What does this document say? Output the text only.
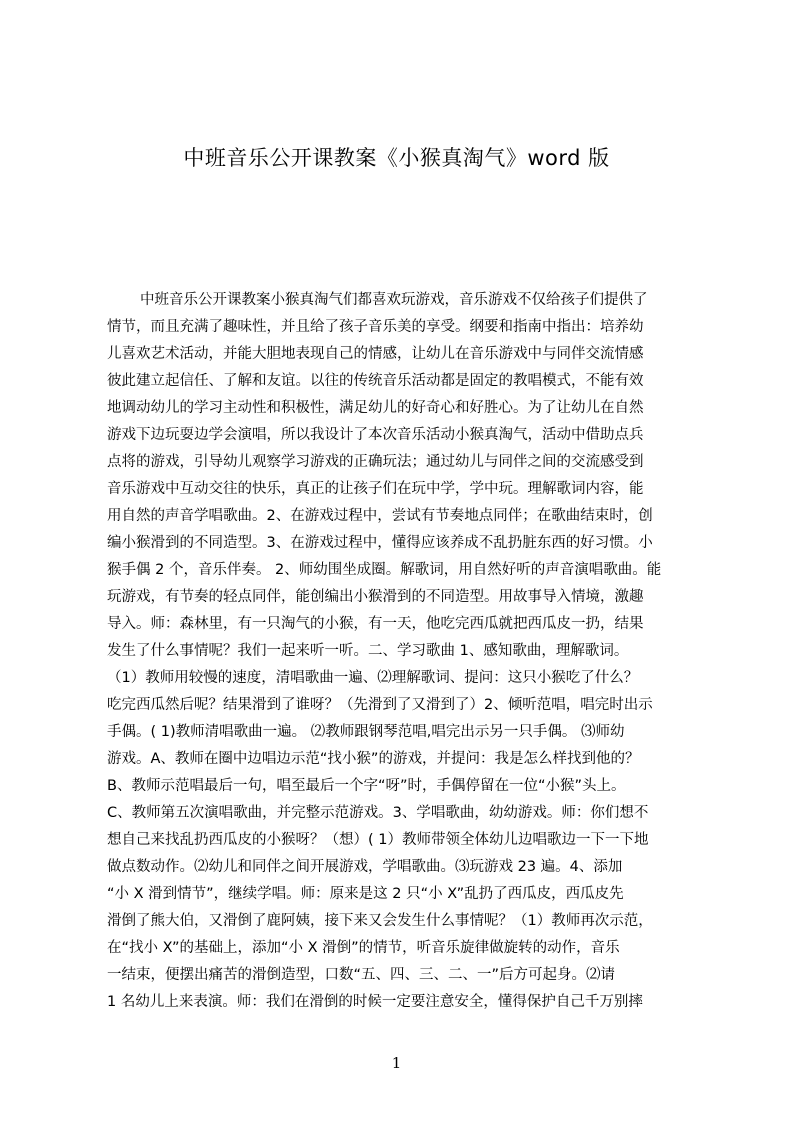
中班音乐公开课教案《小猴真淘气》word 版
中班音乐公开课教案小猴真淘气们都喜欢玩游戏，音乐游戏不仅给孩子们提供了
情节，而且充满了趣味性，并且给了孩子音乐美的享受。纲要和指南中指出：培养幼
儿喜欢艺术活动，并能大胆地表现自己的情感，让幼儿在音乐游戏中与同伴交流情感
彼此建立起信任、了解和友谊。以往的传统音乐活动都是固定的教唱模式，不能有效
地调动幼儿的学习主动性和积极性，满足幼儿的好奇心和好胜心。为了让幼儿在自然
游戏下边玩耍边学会演唱，所以我设计了本次音乐活动小猴真淘气，活动中借助点兵
点将的游戏，引导幼儿观察学习游戏的正确玩法；通过幼儿与同伴之间的交流感受到
音乐游戏中互动交往的快乐，真正的让孩子们在玩中学，学中玩。理解歌词内容，能
用自然的声音学唱歌曲。2、在游戏过程中，尝试有节奏地点同伴；在歌曲结束时，创
编小猴滑到的不同造型。3、在游戏过程中，懂得应该养成不乱扔脏东西的好习惯。小
猴手偶 2 个，音乐伴奏。 2、师幼围坐成圈。解歌词，用自然好听的声音演唱歌曲。能
玩游戏，有节奏的轻点同伴，能创编出小猴滑到的不同造型。用故事导入情境，激趣
导入。师：森林里，有一只淘气的小猴，有一天，他吃完西瓜就把西瓜皮一扔，结果
发生了什么事情呢？我们一起来听一听。二、学习歌曲 1、感知歌曲，理解歌词。
（1）教师用较慢的速度，清唱歌曲一遍、⑵理解歌词、提问：这只小猴吃了什么？
吃完西瓜然后呢？结果滑到了谁呀？（先滑到了又滑到了）2、倾听范唱，唱完时出示
手偶。( 1)教师清唱歌曲一遍。 ⑵教师跟钢琴范唱,唱完出示另一只手偶。 ⑶师幼
游戏。A、教师在圈中边唱边示范“找小猴”的游戏，并提问：我是怎么样找到他的？
B、教师示范唱最后一句，唱至最后一个字“呀”时，手偶停留在一位“小猴”头上。
C、教师第五次演唱歌曲，并完整示范游戏。3、学唱歌曲，幼幼游戏。师：你们想不
想自己来找乱扔西瓜皮的小猴呀？（想）( 1）教师带领全体幼儿边唱歌边一下一下地
做点数动作。⑵幼儿和同伴之间开展游戏，学唱歌曲。⑶玩游戏 23 遍。4、添加
“小 X 滑到情节”，继续学唱。师：原来是这 2 只“小 X”乱扔了西瓜皮，西瓜皮先
滑倒了熊大伯，又滑倒了鹿阿姨，接下来又会发生什么事情呢？（1）教师再次示范，
在“找小 X”的基础上，添加“小 X 滑倒”的情节，听音乐旋律做旋转的动作，音乐
一结束，便摆出痛苦的滑倒造型，口数“五、四、三、二、一”后方可起身。⑵请
1 名幼儿上来表演。师：我们在滑倒的时候一定要注意安全，懂得保护自己千万别摔
1
